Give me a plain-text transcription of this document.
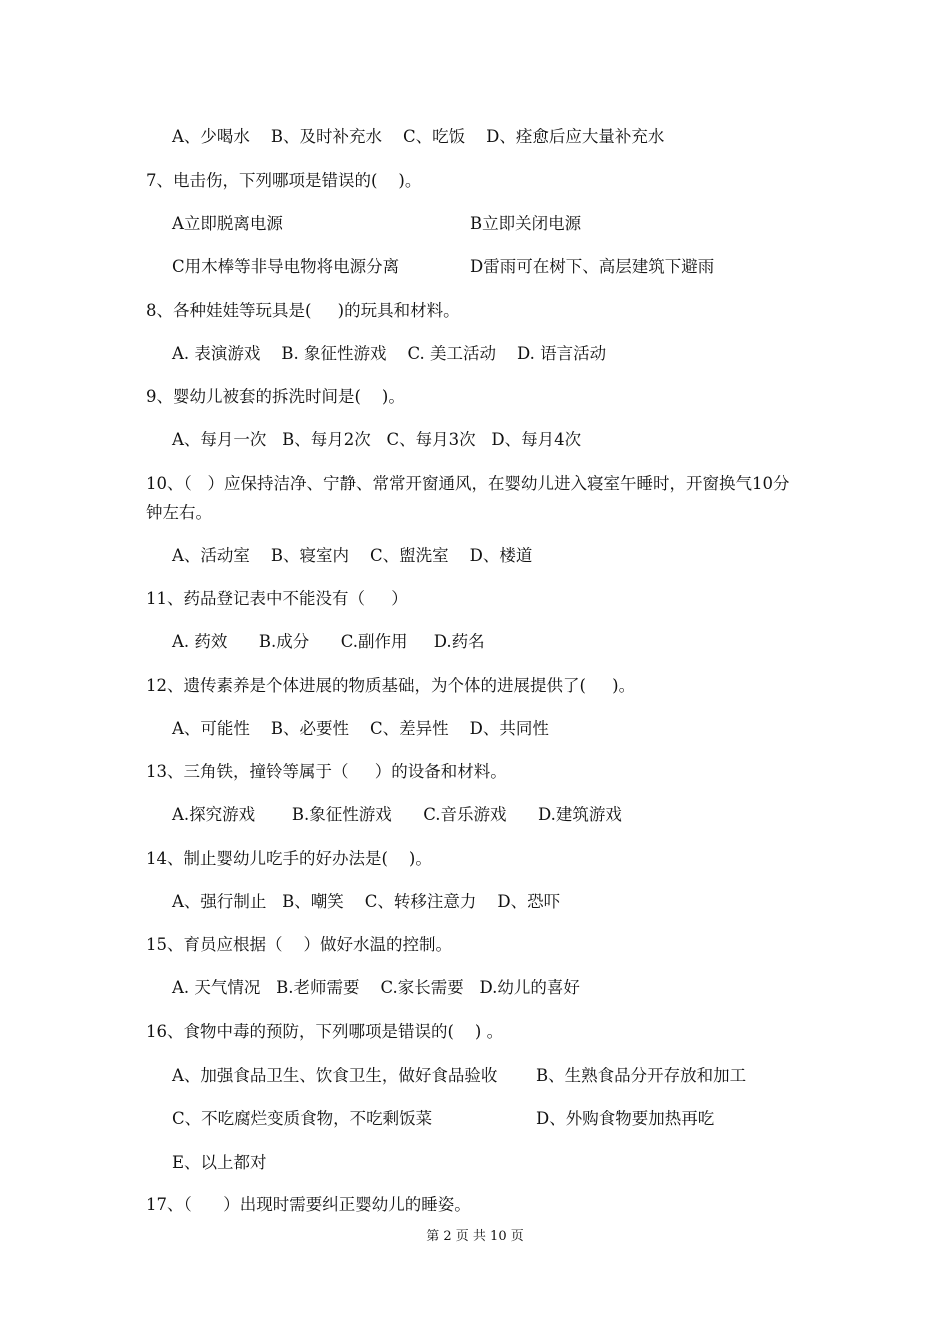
A、少喝水    B、及时补充水    C、吃饭    D、痊愈后应大量补充水
7、电击伤，下列哪项是错误的(    )。
A立即脱离电源	B立即关闭电源
C用木棒等非导电物将电源分离	D雷雨可在树下、高层建筑下避雨
8、各种娃娃等玩具是(     )的玩具和材料。
A. 表演游戏    B. 象征性游戏    C. 美工活动    D. 语言活动
9、婴幼儿被套的拆洗时间是(    )。
A、每月一次   B、每月2次   C、每月3次   D、每月4次
10、（   ）应保持洁净、宁静、常常开窗通风，在婴幼儿进入寝室午睡时，开窗换气10分
钟左右。
A、活动室    B、寝室内    C、盥洗室    D、楼道
11、药品登记表中不能没有（     ）
A. 药效      B.成分      C.副作用     D.药名
12、遗传素养是个体进展的物质基础，为个体的进展提供了(     )。
A、可能性    B、必要性    C、差异性    D、共同性
13、三角铁，撞铃等属于（     ）的设备和材料。
A.探究游戏       B.象征性游戏      C.音乐游戏      D.建筑游戏
14、制止婴幼儿吃手的好办法是(    )。
A、强行制止   B、嘲笑    C、转移注意力    D、恐吓
15、育员应根据（    ）做好水温的控制。
A. 天气情况   B.老师需要    C.家长需要   D.幼儿的喜好
16、食物中毒的预防，下列哪项是错误的(    ) 。
A、加强食品卫生、饮食卫生，做好食品验收 B、生熟食品分开存放和加工
C、不吃腐烂变质食物，不吃剩饭菜	D、外购食物要加热再吃
E、以上都对
17、（      ）出现时需要纠正婴幼儿的睡姿。
第 2 页 共 10 页
